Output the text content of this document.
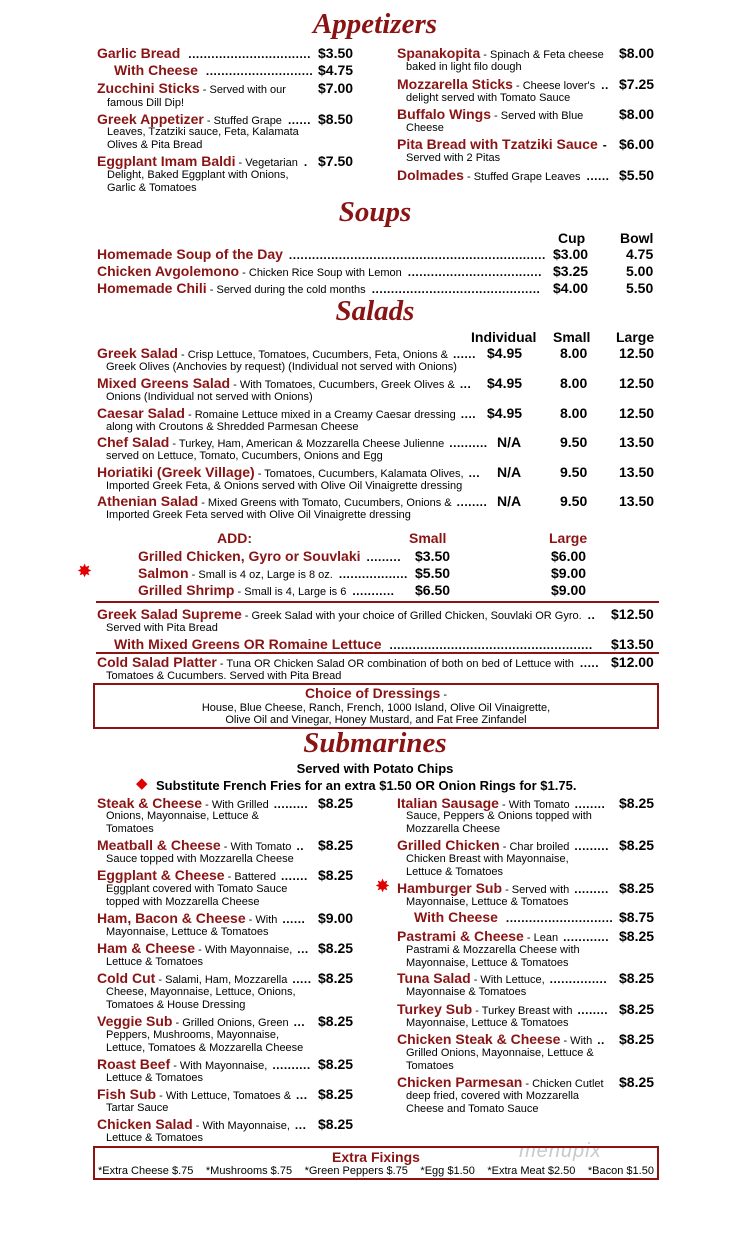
Appetizers
Soups
Salads
Submarines
Garlic Bread ................................ $3.50
With Cheese ............................ $4.75
Zucchini Sticks - Served with our $7.00
famous Dill Dip!
Greek Appetizer - Stuffed Grape ...... $8.50
Leaves, Tzatziki sauce, Feta, Kalamata
Olives & Pita Bread
Eggplant Imam Baldi - Vegetarian . $7.50
Delight, Baked Eggplant with Onions,
Garlic & Tomatoes
Spanakopita - Spinach & Feta cheese $8.00
baked in light filo dough
Mozzarella Sticks - Cheese lover's .. $7.25
delight served with Tomato Sauce
Buffalo Wings - Served with Blue	$8.00
Cheese
Pita Bread with Tzatziki Sauce - $6.00
Served with 2 Pitas
Dolmades - Stuffed Grape Leaves ...... $5.50
Cup Bowl
Homemade Soup of the Day ................................................................... $3.00	4.75
Chicken Avgolemono - Chicken Rice Soup with Lemon ................................... $3.25	5.00
Homemade Chili - Served during the cold months ............................................ $4.00	5.50
Individual Small Large
Greek Salad - Crisp Lettuce, Tomatoes, Cucumbers, Feta, Onions & ...... $4.95	8.00 12.50
Greek Olives (Anchovies by request) (Individual not served with Onions)
Mixed Greens Salad - With Tomatoes, Cucumbers, Greek Olives & ... $4.95	8.00 12.50
Onions (Individual not served with Onions)
Caesar Salad - Romaine Lettuce mixed in a Creamy Caesar dressing .... $4.95	8.00 12.50
along with Croutons & Shredded Parmesan Cheese
Chef Salad - Turkey, Ham, American & Mozzarella Cheese Julienne .......... N/A	9.50 13.50
served on Lettuce, Tomato, Cucumbers, Onions and Egg
Horiatiki (Greek Village) - Tomatoes, Cucumbers, Kalamata Olives, ... N/A	9.50 13.50
Imported Greek Feta, & Onions served with Olive Oil Vinaigrette dressing
Athenian Salad - Mixed Greens with Tomato, Cucumbers, Onions & ........ N/A	9.50 13.50
Imported Greek Feta served with Olive Oil Vinaigrette dressing
ADD:	Small	Large
Grilled Chicken, Gyro or Souvlaki ......... $3.50	$6.00
✸	Salmon - Small is 4 oz, Large is 8 oz. .................. $5.50	$9.00
Grilled Shrimp - Small is 4, Large is 6 ........... $6.50	$9.00
Greek Salad Supreme - Greek Salad with your choice of Grilled Chicken, Souvlaki OR Gyro. .. $12.50
Served with Pita Bread
With Mixed Greens OR Romaine Lettuce ..................................................... $13.50
Cold Salad Platter - Tuna OR Chicken Salad OR combination of both on bed of Lettuce with ..... $12.00
Tomatoes & Cucumbers. Served with Pita Bread
Choice of Dressings -
House, Blue Cheese, Ranch, French, 1000 Island, Olive Oil Vinaigrette,
Olive Oil and Vinegar, Honey Mustard, and Fat Free Zinfandel
Served with Potato Chips
◆ Substitute French Fries for an extra $1.50 OR Onion Rings for $1.75.
Steak & Cheese - With Grilled ......... $8.25
Onions, Mayonnaise, Lettuce &
Tomatoes
Meatball & Cheese - With Tomato .. $8.25
Sauce topped with Mozzarella Cheese
Eggplant & Cheese - Battered ....... $8.25
Eggplant covered with Tomato Sauce
topped with Mozzarella Cheese
Ham, Bacon & Cheese - With ...... $9.00
Mayonnaise, Lettuce & Tomatoes
Ham & Cheese - With Mayonnaise, ... $8.25
Lettuce & Tomatoes
Cold Cut - Salami, Ham, Mozzarella ..... $8.25
Cheese, Mayonnaise, Lettuce, Onions,
Tomatoes & House Dressing
Veggie Sub - Grilled Onions, Green ... $8.25
Peppers, Mushrooms, Mayonnaise,
Lettuce, Tomatoes & Mozzarella Cheese
Roast Beef - With Mayonnaise, .......... $8.25
Lettuce & Tomatoes
Fish Sub - With Lettuce, Tomatoes & ... $8.25
Tartar Sauce
Chicken Salad - With Mayonnaise, ... $8.25
Lettuce & Tomatoes
Italian Sausage - With Tomato ........ $8.25
Sauce, Peppers & Onions topped with
Mozzarella Cheese
Grilled Chicken - Char broiled ......... $8.25
Chicken Breast with Mayonnaise,
Lettuce & Tomatoes
✸ Hamburger Sub - Served with ......... $8.25
Mayonnaise, Lettuce & Tomatoes
With Cheese ............................ $8.75
Pastrami & Cheese - Lean ............ $8.25
Pastrami & Mozzarella Cheese with
Mayonnaise, Lettuce & Tomatoes
Tuna Salad - With Lettuce, ............... $8.25
Mayonnaise & Tomatoes
Turkey Sub - Turkey Breast with ........ $8.25
Mayonnaise, Lettuce & Tomatoes
Chicken Steak & Cheese - With .. $8.25
Grilled Onions, Mayonnaise, Lettuce &
Tomatoes
Chicken Parmesan - Chicken Cutlet $8.25
deep fried, covered with Mozzarella
Cheese and Tomato Sauce
menupix
Extra Fixings
*Extra Cheese $.75 *Mushrooms $.75 *Green Peppers $.75 *Egg $1.50 *Extra Meat $2.50 *Bacon $1.50
